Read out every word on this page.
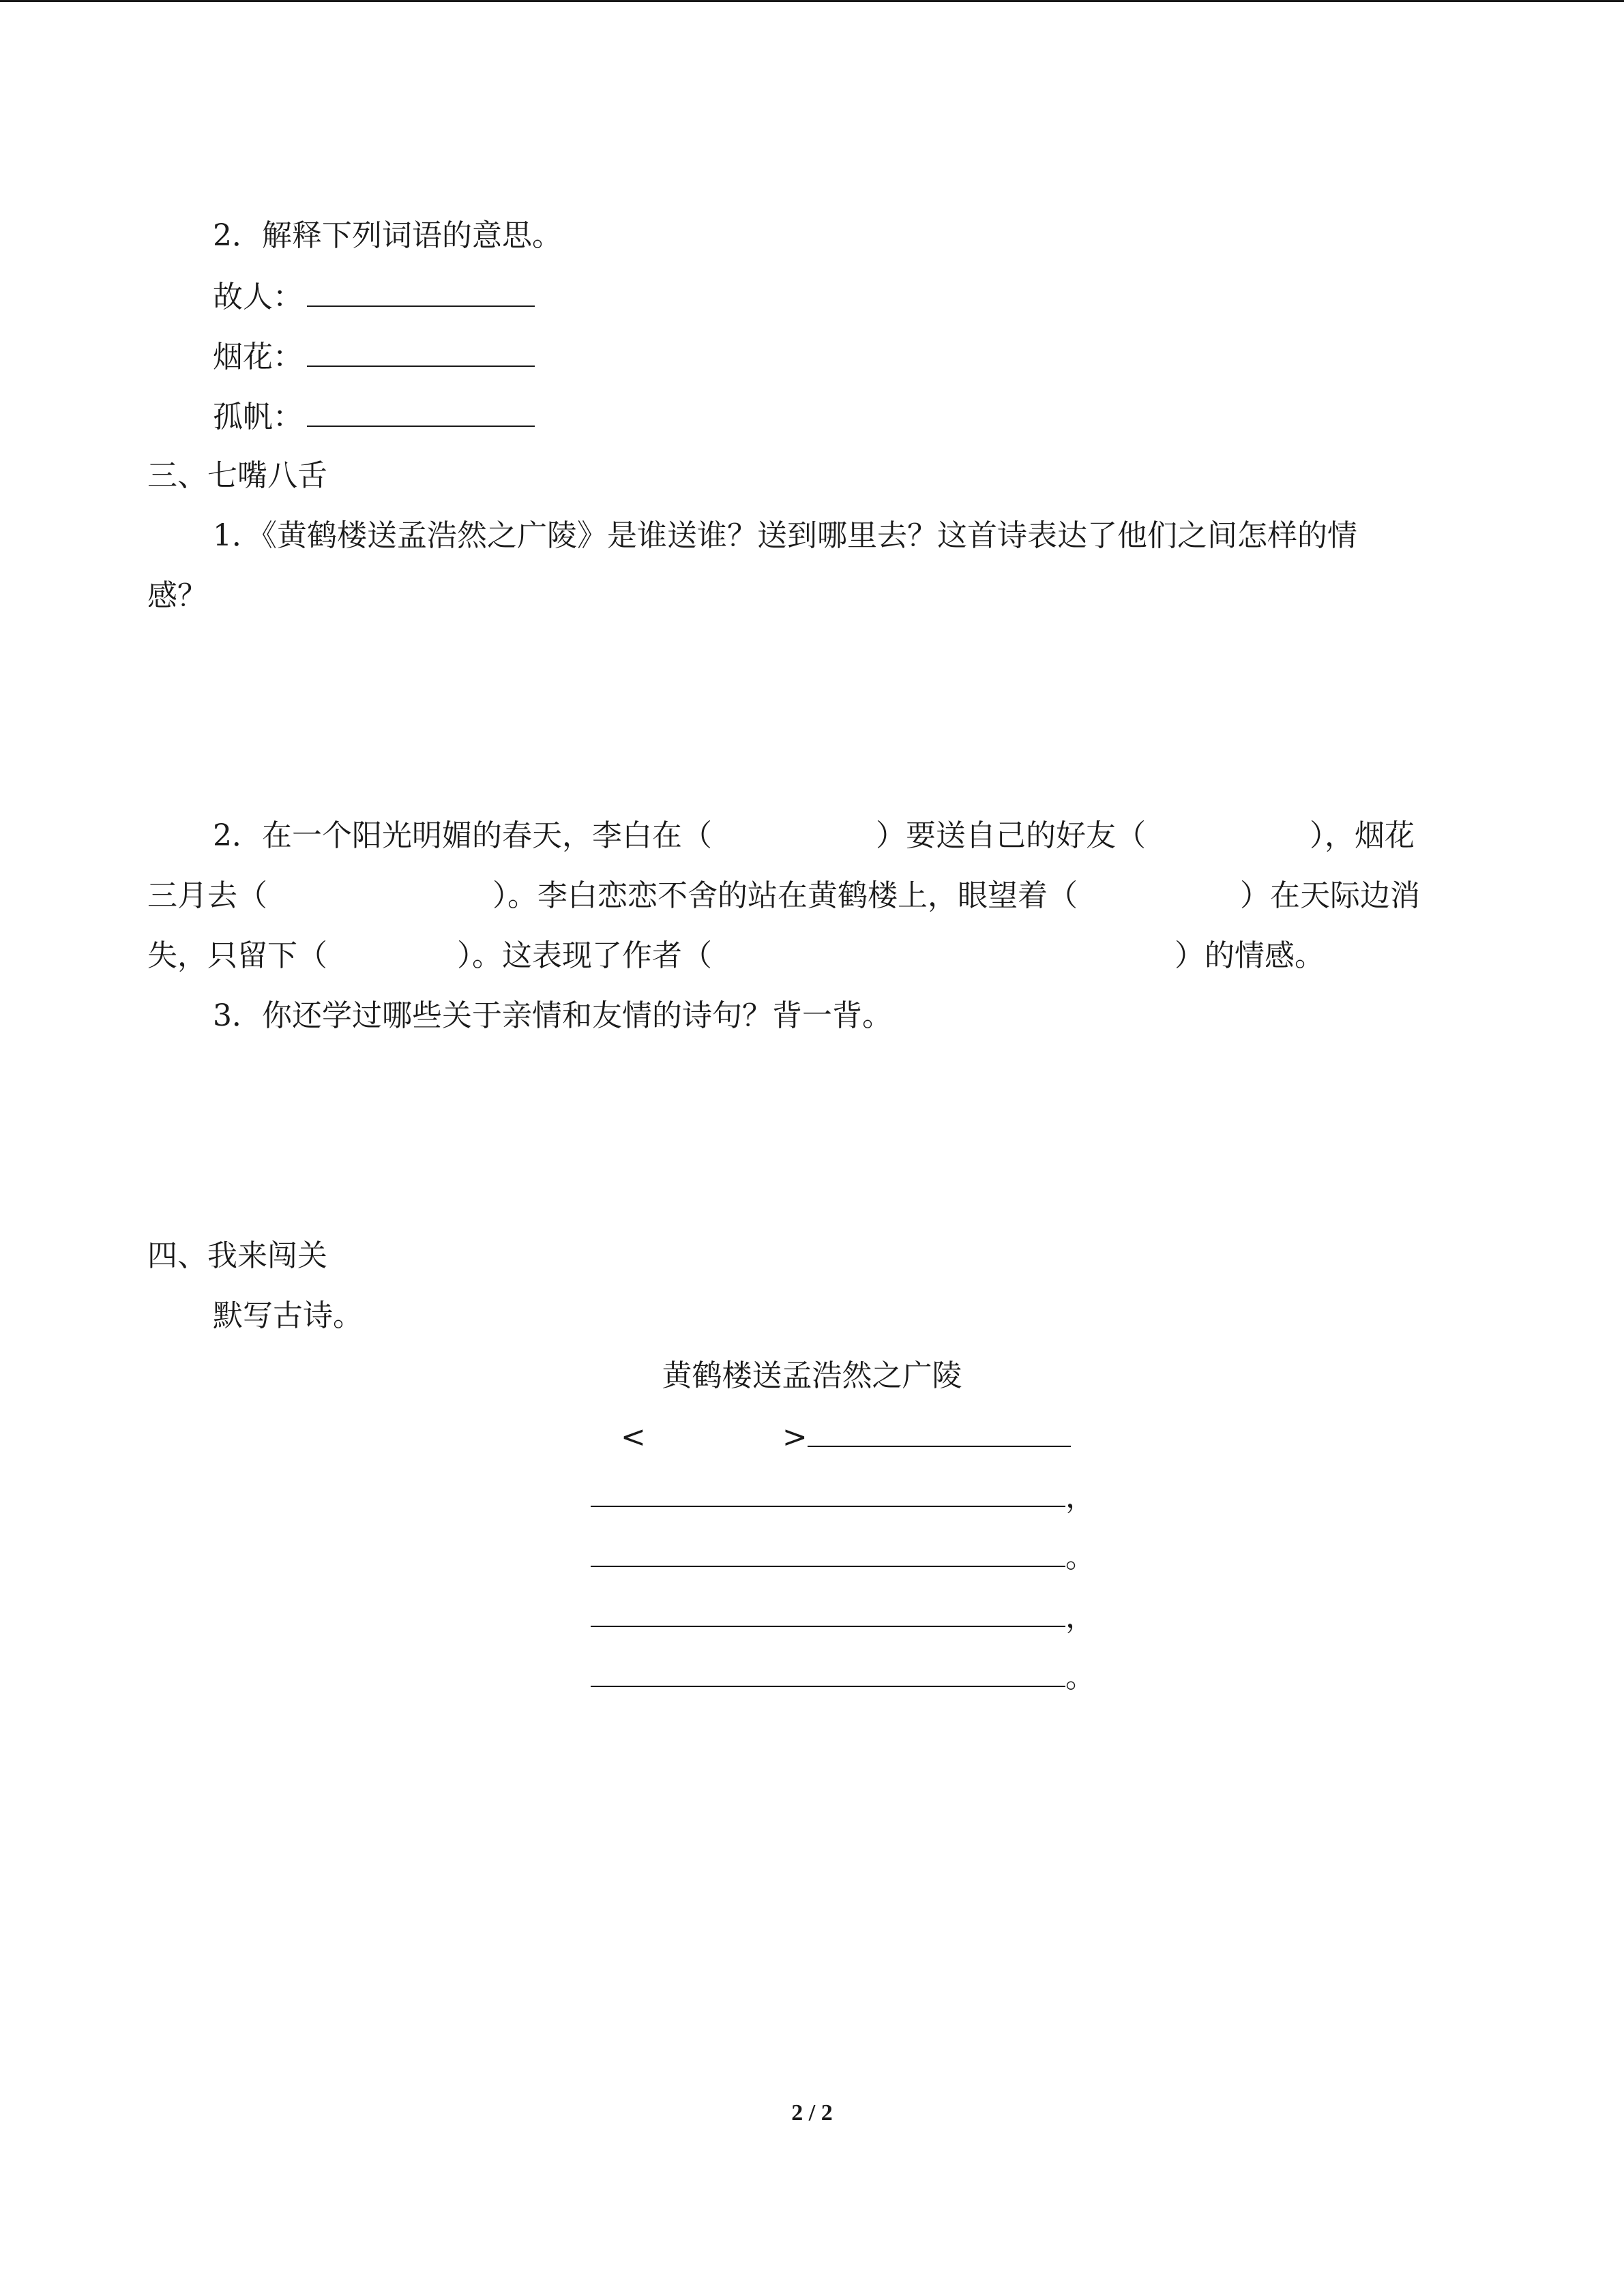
2．解释下列词语的意思。
故人：
烟花：
孤帆：
三、七嘴八舌
1．《黄鹤楼送孟浩然之广陵》是谁送谁？送到哪里去？这首诗表达了他们之间怎样的情
感？
2．在一个阳光明媚的春天，李白在（	）要送自己的好友（	），烟花
三月去（	）。李白恋恋不舍的站在黄鹤楼上，眼望着（	）在天际边消
失，只留下（	）。这表现了作者（	）的情感。
3．你还学过哪些关于亲情和友情的诗句？背一背。
四、我来闯关
默写古诗。
黄鹤楼送孟浩然之广陵
<	>
，
。
，
。
2 / 2
